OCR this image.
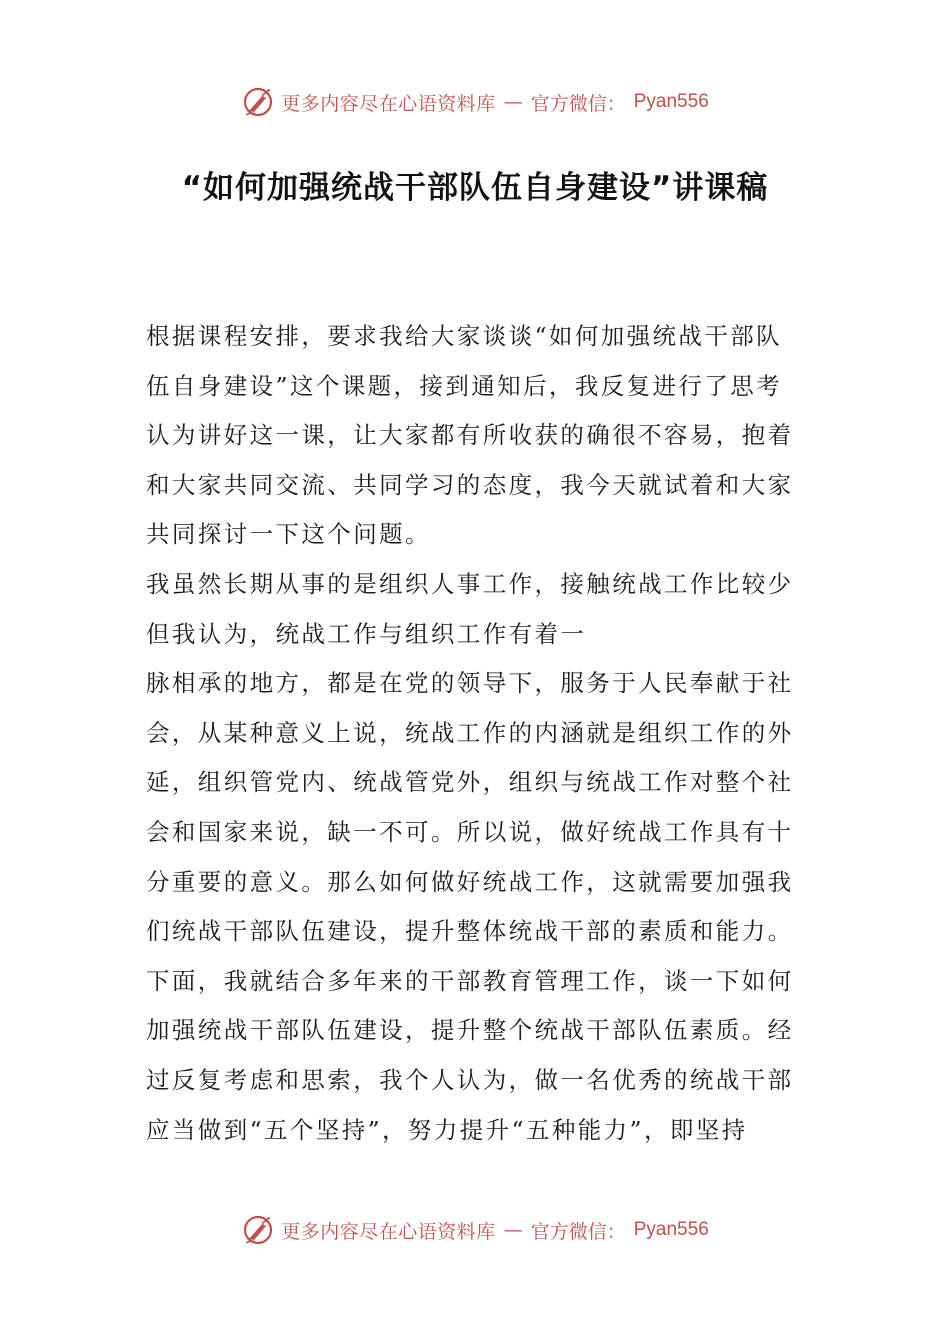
更多内容尽在心语资料库 — 官方微信： Pyan556
“如何加强统战干部队伍自身建设”讲课稿
根据课程安排，要求我给大家谈谈“如何加强统战干部队
伍自身建设”这个课题，接到通知后，我反复进行了思考
认为讲好这一课，让大家都有所收获的确很不容易，抱着
和大家共同交流、共同学习的态度，我今天就试着和大家
共同探讨一下这个问题。
我虽然长期从事的是组织人事工作，接触统战工作比较少
但我认为，统战工作与组织工作有着一
脉相承的地方，都是在党的领导下，服务于人民奉献于社
会，从某种意义上说，统战工作的内涵就是组织工作的外
延，组织管党内、统战管党外，组织与统战工作对整个社
会和国家来说，缺一不可。所以说，做好统战工作具有十
分重要的意义。那么如何做好统战工作，这就需要加强我
们统战干部队伍建设，提升整体统战干部的素质和能力。
下面，我就结合多年来的干部教育管理工作，谈一下如何
加强统战干部队伍建设，提升整个统战干部队伍素质。经
过反复考虑和思索，我个人认为，做一名优秀的统战干部
应当做到“五个坚持”，努力提升“五种能力”，即坚持
更多内容尽在心语资料库 — 官方微信： Pyan556
